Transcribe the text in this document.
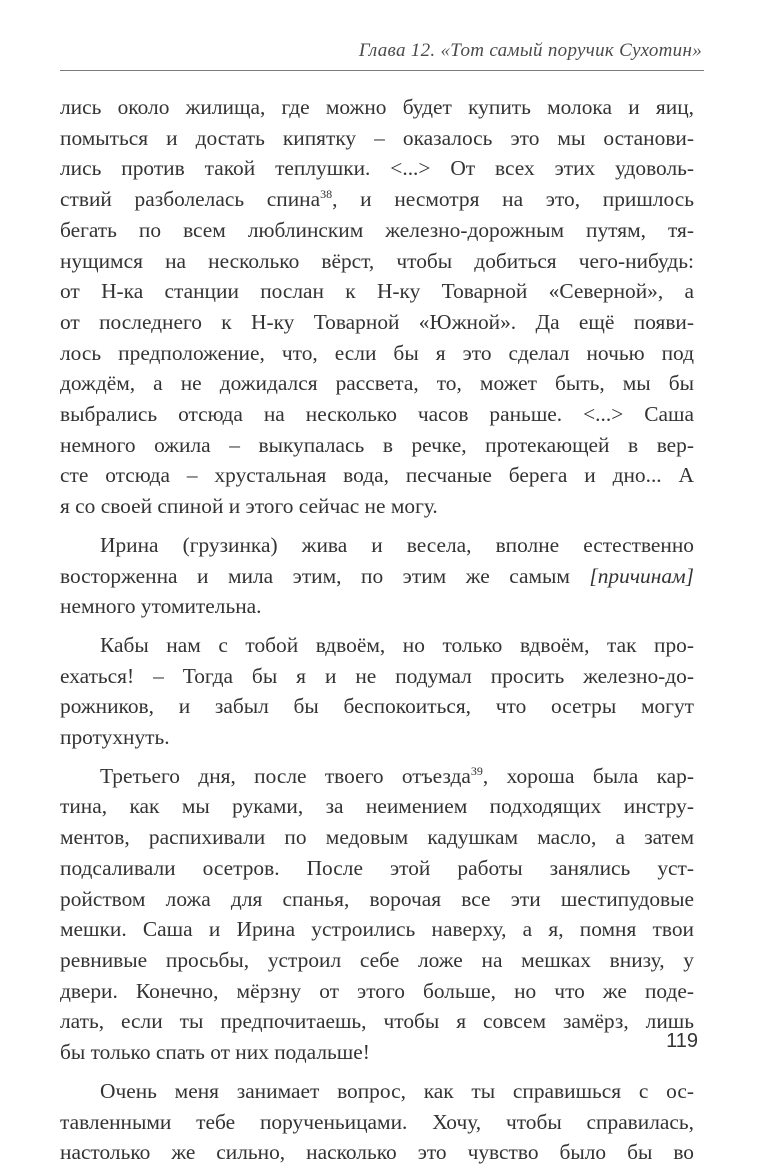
Глава 12. «Тот самый поручик Сухотин»
лись около жилища, где можно будет купить молока и яиц,
помыться и достать кипятку – оказалось это мы останови-
лись против такой теплушки. <...> От всех этих удоволь-
ствий разболелась спина$^{38}$, и несмотря на это, пришлось
бегать по всем люблинским железно-дорожным путям, тя-
нущимся на несколько вёрст, чтобы добиться чего-нибудь:
от Н-ка станции послан к Н-ку Товарной «Северной», а
от последнего к Н-ку Товарной «Южной». Да ещё появи-
лось предположение, что, если бы я это сделал ночью под
дождём, а не дожидался рассвета, то, может быть, мы бы
выбрались отсюда на несколько часов раньше. <...> Саша
немного ожила – выкупалась в речке, протекающей в вер-
сте отсюда – хрустальная вода, песчаные берега и дно... А
я со своей спиной и этого сейчас не могу.
Ирина (грузинка) жива и весела, вполне естественно
восторженна и мила этим, по этим же самым [причинам]
немного утомительна.
Кабы нам с тобой вдвоём, но только вдвоём, так про-
ехаться! – Тогда бы я и не подумал просить железно-до-
рожников, и забыл бы беспокоиться, что осетры могут
протухнуть.
Третьего дня, после твоего отъезда$^{39}$, хороша была кар-
тина, как мы руками, за неимением подходящих инстру-
ментов, распихивали по медовым кадушкам масло, а затем
подсаливали осетров. После этой работы занялись уст-
ройством ложа для спанья, ворочая все эти шестипудовые
мешки. Саша и Ирина устроились наверху, а я, помня твои
ревнивые просьбы, устроил себе ложе на мешках внизу, у
двери. Конечно, мёрзну от этого больше, но что же поде-
лать, если ты предпочитаешь, чтобы я совсем замёрз, лишь
бы только спать от них подальше!
Очень меня занимает вопрос, как ты справишься с ос-
тавленными тебе порученьицами. Хочу, чтобы справилась,
настолько же сильно, насколько это чувство было бы во
119
